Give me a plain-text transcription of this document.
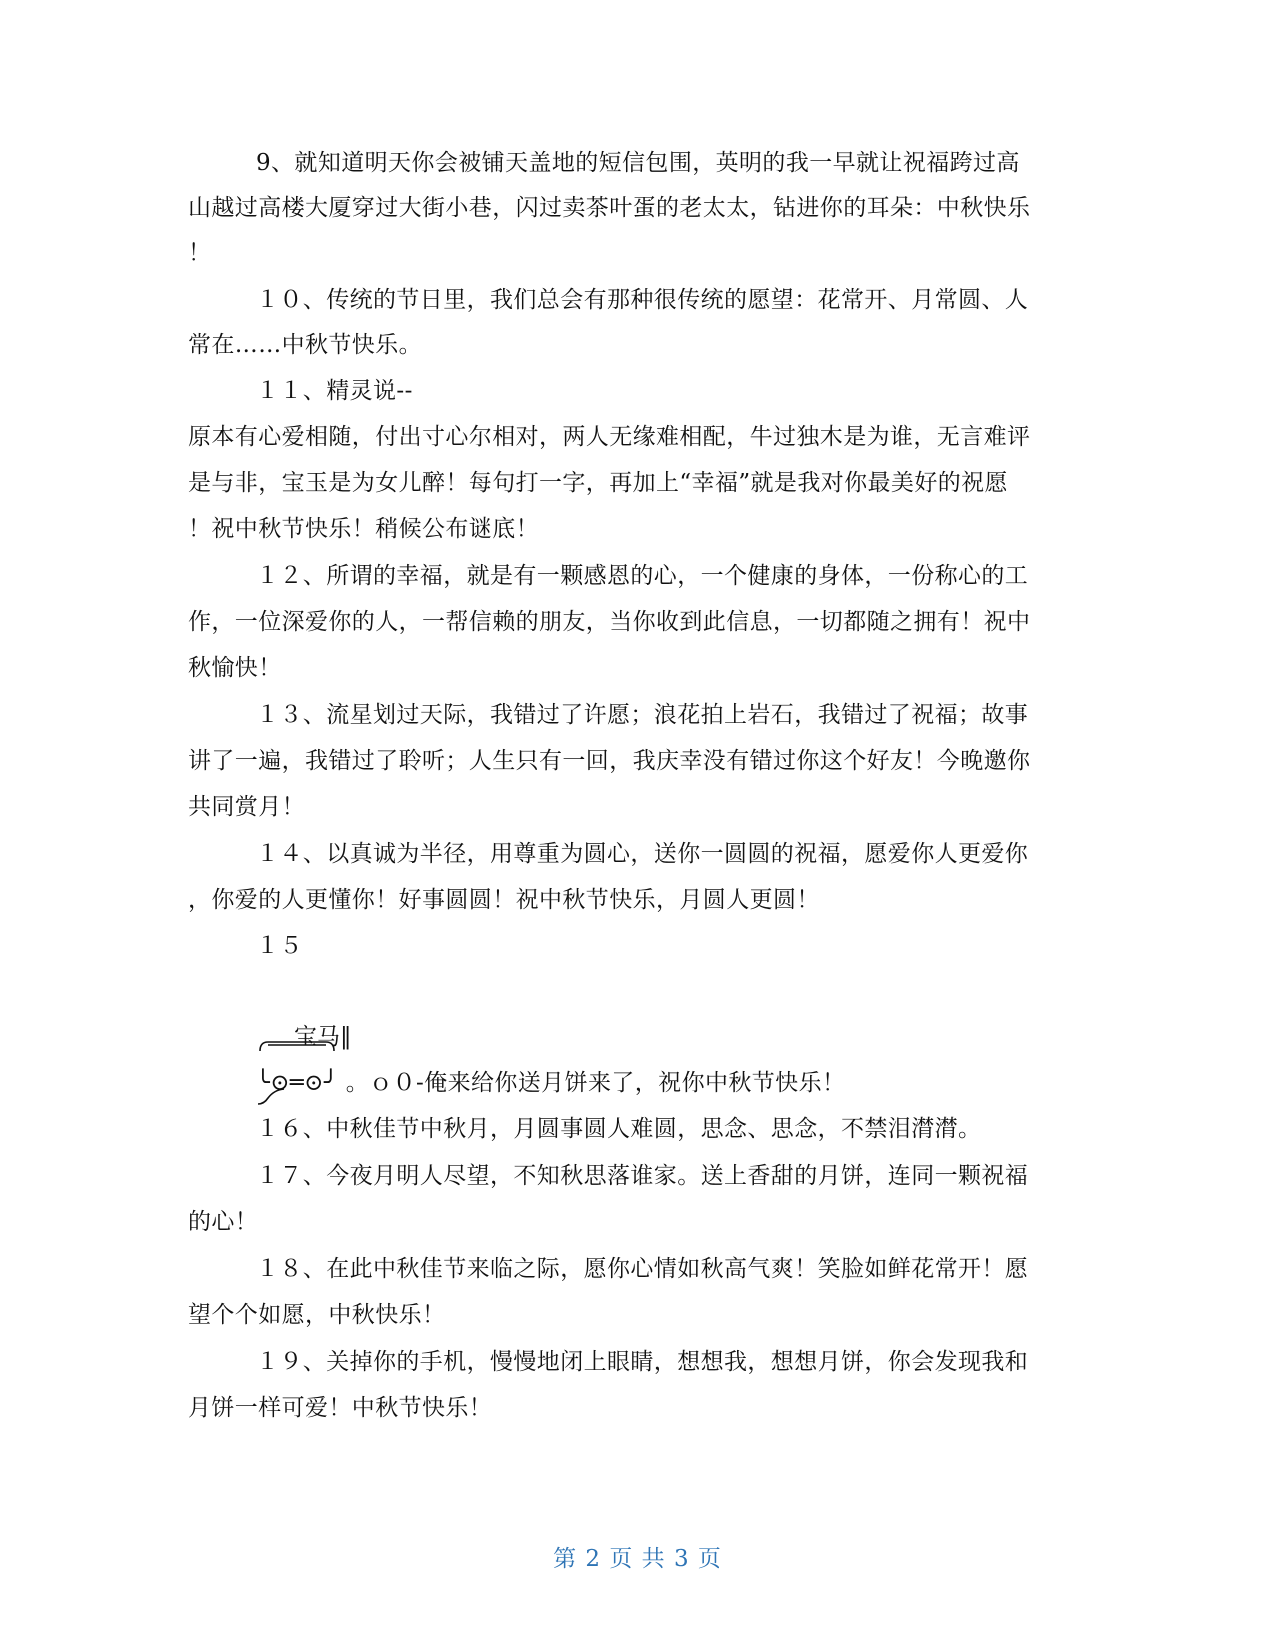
9、就知道明天你会被铺天盖地的短信包围，英明的我一早就让祝福跨过高
山越过高楼大厦穿过大街小巷，闪过卖茶叶蛋的老太太，钻进你的耳朵：中秋快乐
！
１０、传统的节日里，我们总会有那种很传统的愿望：花常开、月常圆、人
常在……中秋节快乐。
１１、精灵说--
原本有心爱相随，付出寸心尔相对，两人无缘难相配，牛过独木是为谁，无言难评
是与非，宝玉是为女儿醉！每句打一字，再加上“幸福”就是我对你最美好的祝愿
！祝中秋节快乐！稍候公布谜底！
１２、所谓的幸福，就是有一颗感恩的心，一个健康的身体，一份称心的工
作，一位深爱你的人，一帮信赖的朋友，当你收到此信息，一切都随之拥有！祝中
秋愉快！
１３、流星划过天际，我错过了许愿；浪花拍上岩石，我错过了祝福；故事
讲了一遍，我错过了聆听；人生只有一回，我庆幸没有错过你这个好友！今晚邀你
共同赏月！
１４、以真诚为半径，用尊重为圆心，送你一圆圆的祝福，愿爱你人更爱你
，你爱的人更懂你！好事圆圆！祝中秋节快乐，月圆人更圆！
１５
宝马‖
╰⊙═⊙╯ 。ｏ０-俺来给你送月饼来了，祝你中秋节快乐！
１６、中秋佳节中秋月，月圆事圆人难圆，思念、思念，不禁泪潸潸。
１７、今夜月明人尽望，不知秋思落谁家。送上香甜的月饼，连同一颗祝福
的心！
１８、在此中秋佳节来临之际，愿你心情如秋高气爽！笑脸如鲜花常开！愿
望个个如愿，中秋快乐！
１９、关掉你的手机，慢慢地闭上眼睛，想想我，想想月饼，你会发现我和
月饼一样可爱！中秋节快乐！
第 2 页 共 3 页
